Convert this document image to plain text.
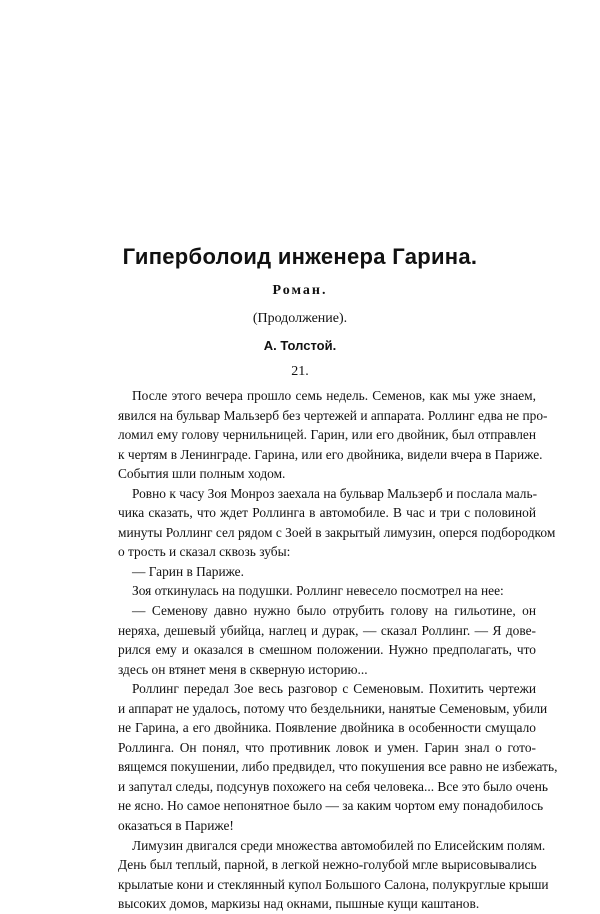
Гиперболоид инженера Гарина.
Роман.
(Продолжение).
А. Толстой.
21.
После этого вечера прошло семь недель. Семенов, как мы уже знаем,
явился на бульвар Мальзерб без чертежей и аппарата. Роллинг едва не про-
ломил ему голову чернильницей. Гарин, или его двойник, был отправлен
к чертям в Ленинграде. Гарина, или его двойника, видели вчера в Париже.
События шли полным ходом.
Ровно к часу Зоя Монроз заехала на бульвар Мальзерб и послала маль-
чика сказать, что ждет Роллинга в автомобиле. В час и три с половиной
минуты Роллинг сел рядом с Зоей в закрытый лимузин, оперся подбородком
о трость и сказал сквозь зубы:
— Гарин в Париже.
Зоя откинулась на подушки. Роллинг невесело посмотрел на нее:
— Семенову давно нужно было отрубить голову на гильотине, он
неряха, дешевый убийца, наглец и дурак, — сказал Роллинг. — Я дове-
рился ему и оказался в смешном положении. Нужно предполагать, что
здесь он втянет меня в скверную историю...
Роллинг передал Зое весь разговор с Семеновым. Похитить чертежи
и аппарат не удалось, потому что бездельники, нанятые Семеновым, убили
не Гарина, а его двойника. Появление двойника в особенности смущало
Роллинга. Он понял, что противник ловок и умен. Гарин знал о гото-
вящемся покушении, либо предвидел, что покушения все равно не избежать,
и запутал следы, подсунув похожего на себя человека... Все это было очень
не ясно. Но самое непонятное было — за каким чортом ему понадобилось
оказаться в Париже!
Лимузин двигался среди множества автомобилей по Елисейским полям.
День был теплый, парной, в легкой нежно-голубой мгле вырисовывались
крылатые кони и стеклянный купол Большого Салона, полукруглые крыши
высоких домов, маркизы над окнами, пышные кущи каштанов.
